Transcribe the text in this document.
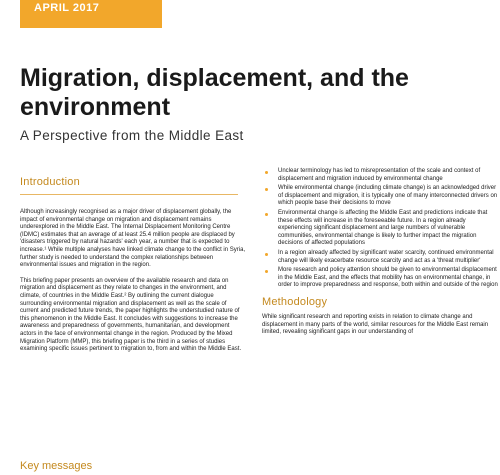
APRIL 2017
Migration, displacement, and the environment
A Perspective from the Middle East
Introduction

Although increasingly recognised as a major driver of displacement globally, the impact of environmental change on migration and displacement remains underexplored in the Middle East. The Internal Displacement Monitoring Centre (IDMC) estimates that an average of at least 25.4 million people are displaced by 'disasters triggered by natural hazards' each year, a number that is expected to increase.¹ While multiple analyses have linked climate change to the conflict in Syria, further study is needed to understand the complex relationships between environmental issues and migration in the region.

This briefing paper presents an overview of the available research and data on migration and displacement as they relate to changes in the environment, and climate, of countries in the Middle East.² By outlining the current dialogue surrounding environmental migration and displacement as well as the scale of current and predicted future trends, the paper highlights the understudied nature of this phenomenon in the Middle East. It concludes with suggestions to increase the awareness and preparedness of governments, humanitarian, and development actors in the face of environmental change in the region. Produced by the Mixed Migration Platform (MMP), this briefing paper is the third in a series of studies examining specific issues pertinent to migration to, from and within the Middle East.

Unclear terminology has led to misrepresentation of the scale and context of displacement and migration induced by environmental change
While environmental change (including climate change) is an acknowledged driver of displacement and migration, it is typically one of many interconnected drivers on which people base their decisions to move
Environmental change is affecting the Middle East and predictions indicate that these effects will increase in the foreseeable future. In a region already experiencing significant displacement and large numbers of vulnerable communities, environmental change is likely to further impact the migration decisions of affected populations
In a region already affected by significant water scarcity, continued environmental change will likely exacerbate resource scarcity and act as a 'threat multiplier'
More research and policy attention should be given to environmental displacement in the Middle East, and the effects that mobility has on environmental change, in order to improve preparedness and response, both within and outside of the region
Methodology

While significant research and reporting exists in relation to climate change and displacement in many parts of the world, similar resources for the Middle East remain limited, revealing significant gaps in our understanding of

Key messages
